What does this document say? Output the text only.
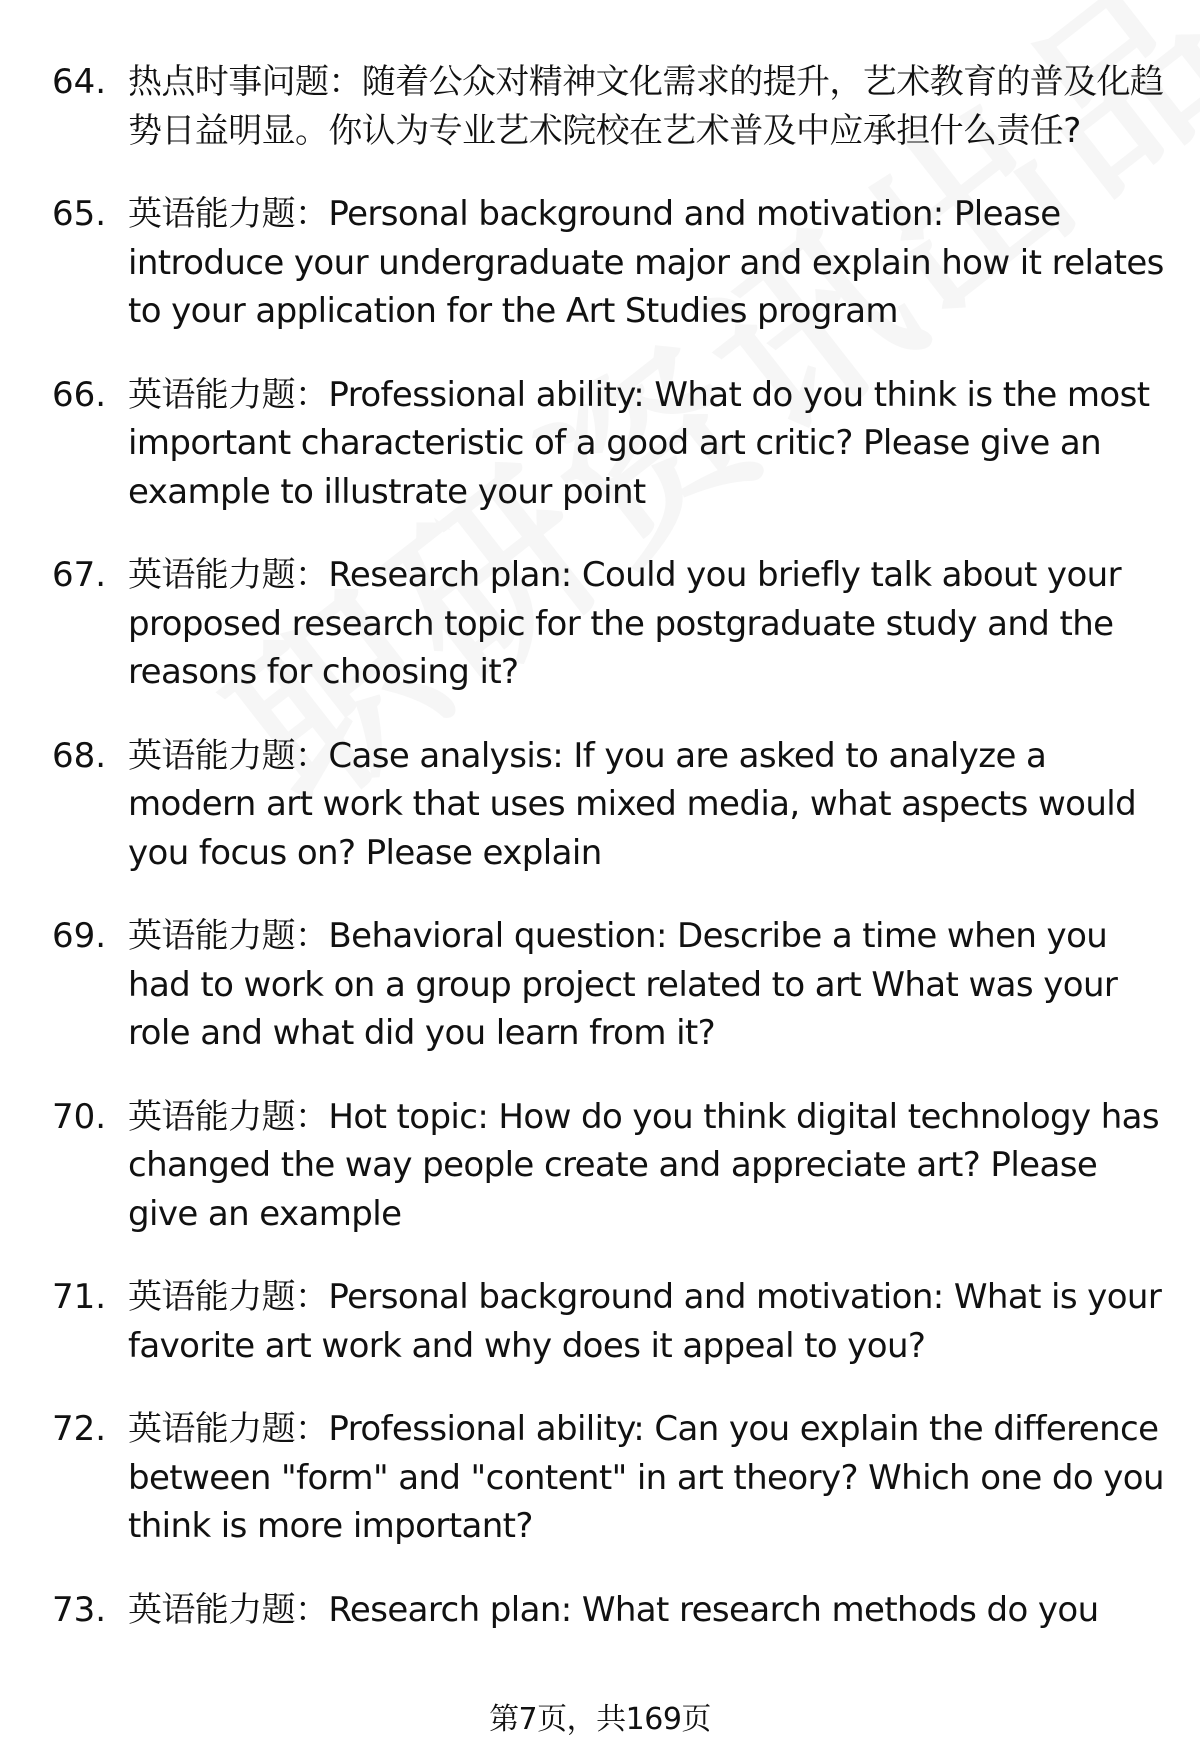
64. 热点时事问题：随着公众对精神文化需求的提升，艺术教育的普及化趋势日益明显。你认为专业艺术院校在艺术普及中应承担什么责任?
65. 英语能力题：Personal background and motivation: Please introduce your undergraduate major and explain how it relates to your application for the Art Studies program
66. 英语能力题：Professional ability: What do you think is the most important characteristic of a good art critic? Please give an example to illustrate your point
67. 英语能力题：Research plan: Could you briefly talk about your proposed research topic for the postgraduate study and the reasons for choosing it?
68. 英语能力题：Case analysis: If you are asked to analyze a modern art work that uses mixed media, what aspects would you focus on? Please explain
69. 英语能力题：Behavioral question: Describe a time when you had to work on a group project related to art What was your role and what did you learn from it?
70. 英语能力题：Hot topic: How do you think digital technology has changed the way people create and appreciate art? Please give an example
71. 英语能力题：Personal background and motivation: What is your favorite art work and why does it appeal to you?
72. 英语能力题：Professional ability: Can you explain the difference between "form" and "content" in art theory? Which one do you think is more important?
73. 英语能力题：Research plan: What research methods do you
第7页，共169页
